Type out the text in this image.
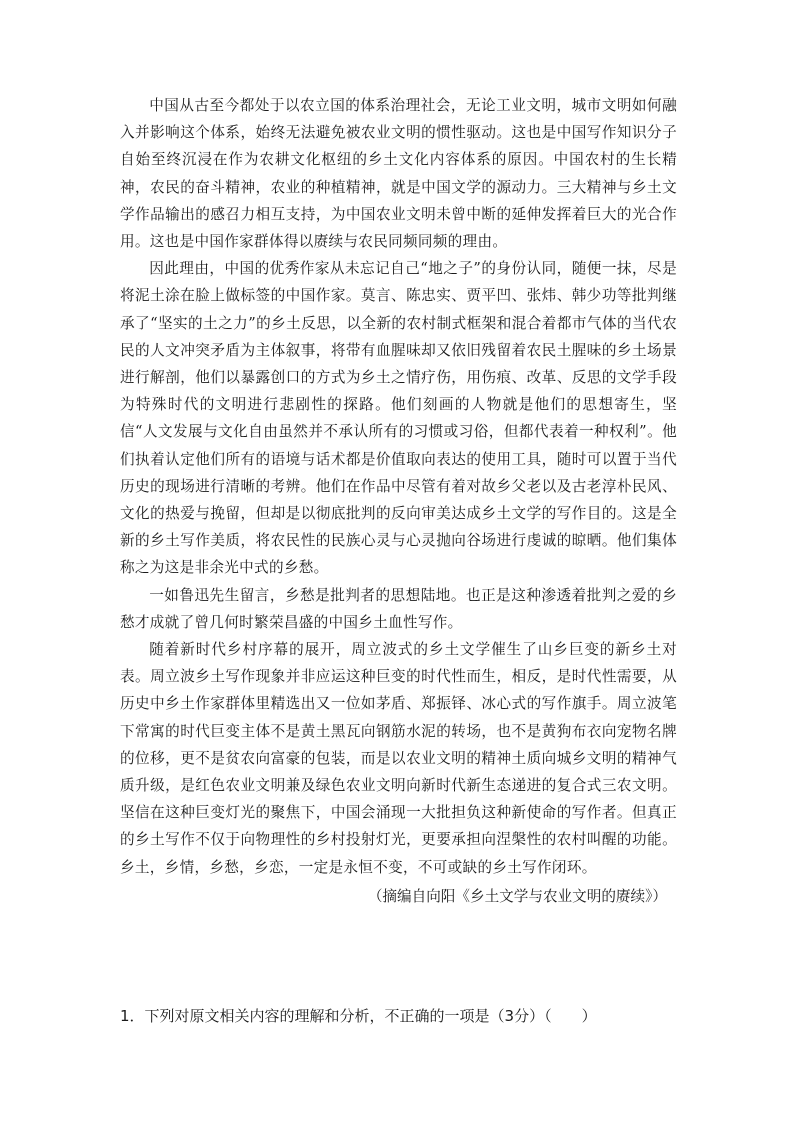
中国从古至今都处于以农立国的体系治理社会，无论工业文明，城市文明如何融入并影响这个体系，始终无法避免被农业文明的惯性驱动。这也是中国写作知识分子自始至终沉浸在作为农耕文化枢纽的乡土文化内容体系的原因。中国农村的生长精神，农民的奋斗精神，农业的种植精神，就是中国文学的源动力。三大精神与乡土文学作品输出的感召力相互支持，为中国农业文明未曾中断的延伸发挥着巨大的光合作用。这也是中国作家群体得以赓续与农民同频同频的理由。

因此理由，中国的优秀作家从未忘记自己“地之子”的身份认同，随便一抹，尽是将泥土涂在脸上做标签的中国作家。莫言、陈忠实、贾平凹、张炜、韩少功等批判继承了“坚实的土之力”的乡土反思，以全新的农村制式框架和混合着都市气体的当代农民的人文冲突矛盾为主体叙事，将带有血腥味却又依旧残留着农民土腥味的乡土场景进行解剖，他们以暴露创口的方式为乡土之情疗伤，用伤痕、改革、反思的文学手段为特殊时代的文明进行悲剧性的探路。他们刻画的人物就是他们的思想寄生，坚信“人文发展与文化自由虽然并不承认所有的习惯或习俗，但都代表着一种权利”。他们执着认定他们所有的语境与话术都是价值取向表达的使用工具，随时可以置于当代历史的现场进行清晰的考辨。他们在作品中尽管有着对故乡父老以及古老淳朴民风、文化的热爱与挽留，但却是以彻底批判的反向审美达成乡土文学的写作目的。这是全新的乡土写作美质，将农民性的民族心灵与心灵抛向谷场进行虔诚的晾晒。他们集体称之为这是非余光中式的乡愁。

一如鲁迅先生留言，乡愁是批判者的思想陆地。也正是这种渗透着批判之爱的乡愁才成就了曾几何时繁荣昌盛的中国乡土血性写作。

随着新时代乡村序幕的展开，周立波式的乡土文学催生了山乡巨变的新乡土对表。周立波乡土写作现象并非应运这种巨变的时代性而生，相反，是时代性需要，从历史中乡土作家群体里精选出又一位如茅盾、郑振铎、冰心式的写作旗手。周立波笔下常寓的时代巨变主体不是黄土黑瓦向钢筋水泥的转场，也不是黄狗布衣向宠物名牌的位移，更不是贫农向富豪的包装，而是以农业文明的精神土质向城乡文明的精神气质升级，是红色农业文明兼及绿色农业文明向新时代新生态递进的复合式三农文明。坚信在这种巨变灯光的聚焦下，中国会涌现一大批担负这种新使命的写作者。但真正的乡土写作不仅于向物理性的乡村投射灯光，更要承担向涅槃性的农村叫醒的功能。乡土，乡情，乡愁，乡恋，一定是永恒不变，不可或缺的乡土写作闭环。

（摘编自向阳《乡土文学与农业文明的赓续》）

1．下列对原文相关内容的理解和分析，不正确的一项是（3分）（　　）
